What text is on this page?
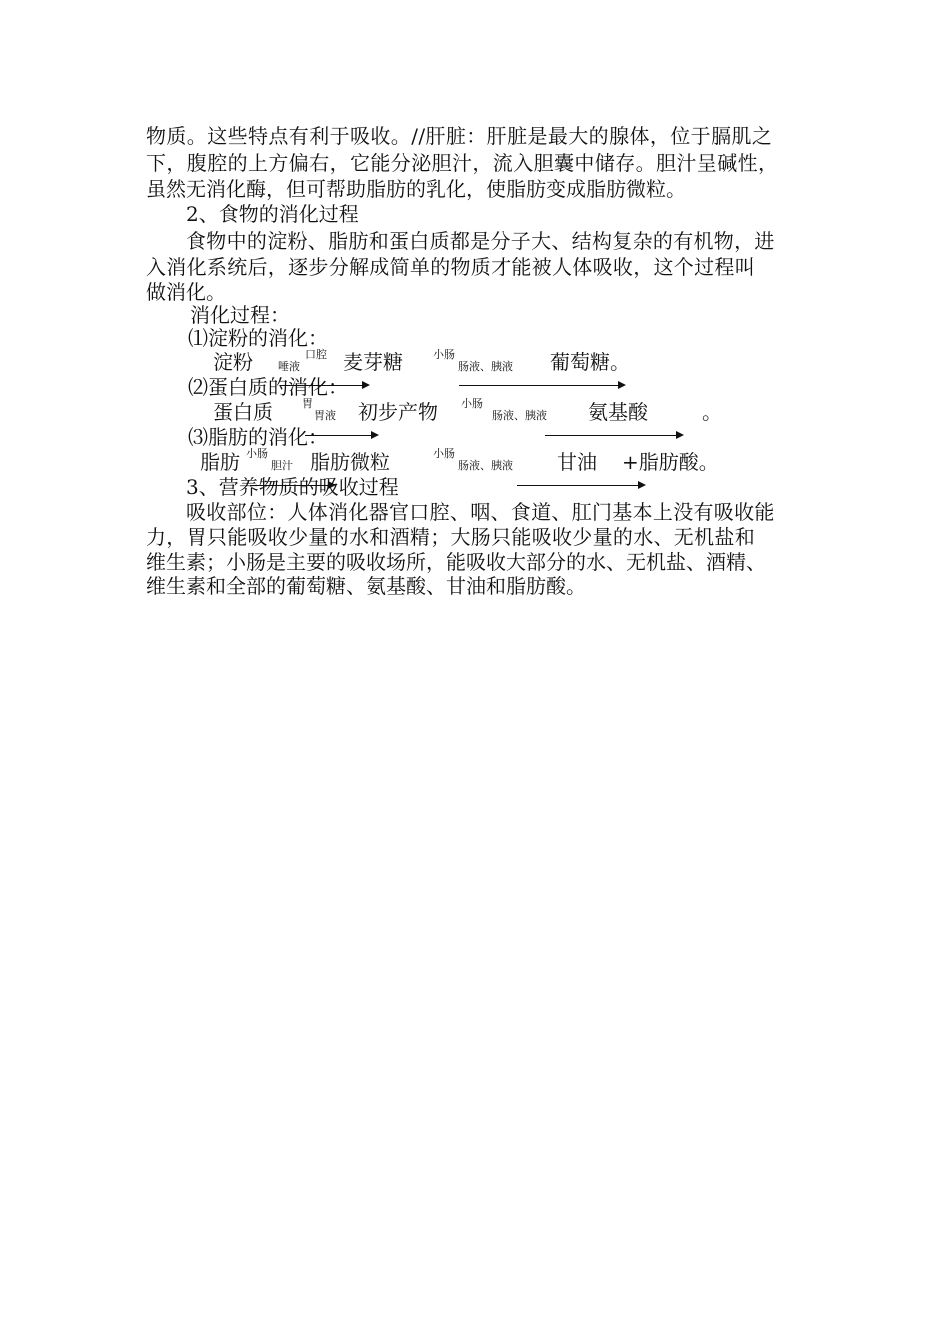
物质。这些特点有利于吸收。//肝脏：肝脏是最大的腺体，位于膈肌之
下，腹腔的上方偏右，它能分泌胆汁，流入胆囊中储存。胆汁呈碱性，
虽然无消化酶，但可帮助脂肪的乳化，使脂肪变成脂肪微粒。
2、食物的消化过程
食物中的淀粉、脂肪和蛋白质都是分子大、结构复杂的有机物，进
入消化系统后，逐步分解成简单的物质才能被人体吸收，这个过程叫
做消化。
消化过程：
⑴淀粉的消化：
淀粉 唾液
口腔 麦芽糖	小肠
肠液、胰液 葡萄糖。
⑵蛋白质的消化：
蛋白质	胃
胃液 初步产物 小肠
肠液、胰液 氨基酸	。
⑶脂肪的消化：
脂肪 小肠
胆汁 脂肪微粒	小肠
肠液、胰液 甘油 +脂肪酸。
3、营养物质的吸收过程
吸收部位：人体消化器官口腔、咽、食道、肛门基本上没有吸收能
力，胃只能吸收少量的水和酒精；大肠只能吸收少量的水、无机盐和
维生素；小肠是主要的吸收场所，能吸收大部分的水、无机盐、酒精、
维生素和全部的葡萄糖、氨基酸、甘油和脂肪酸。
